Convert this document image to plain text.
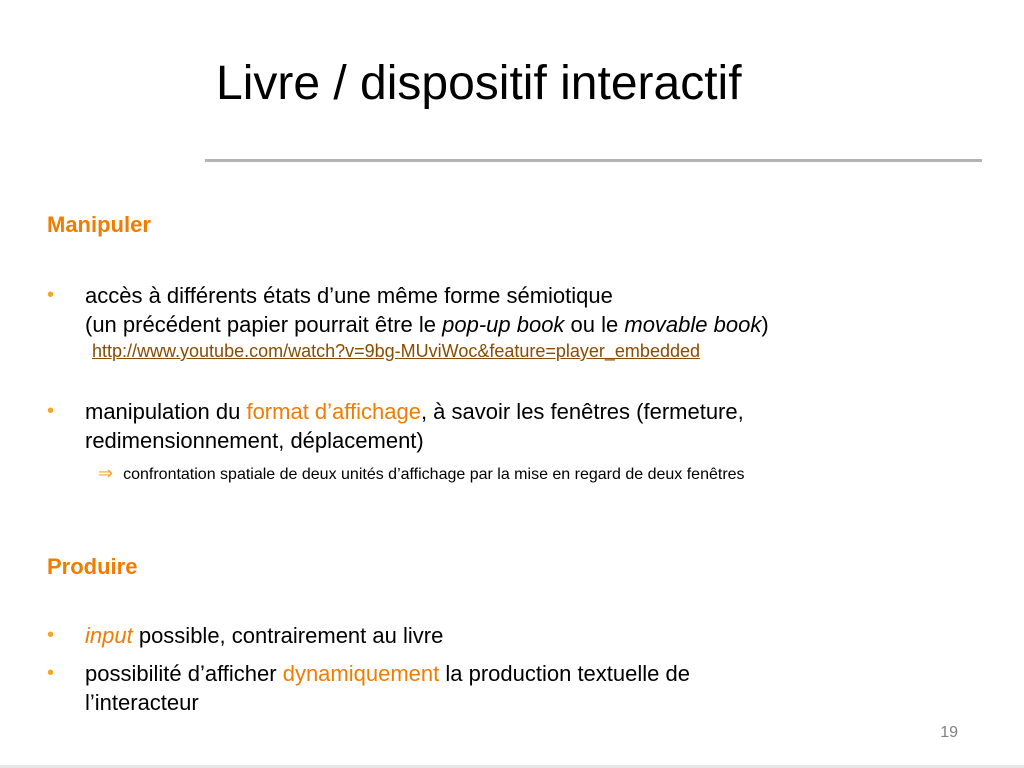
Livre / dispositif interactif
Manipuler
• accès à différents états d’une même forme sémiotique
(un précédent papier pourrait être le pop-up book ou le movable book)
http://www.youtube.com/watch?v=9bg-MUviWoc&feature=player_embedded
• manipulation du format d’affichage, à savoir les fenêtres (fermeture,
redimensionnement, déplacement)
⇒ confrontation spatiale de deux unités d’affichage par la mise en regard de deux fenêtres
Produire
• input possible, contrairement au livre
• possibilité d’afficher dynamiquement la production textuelle de
l’interacteur
19
